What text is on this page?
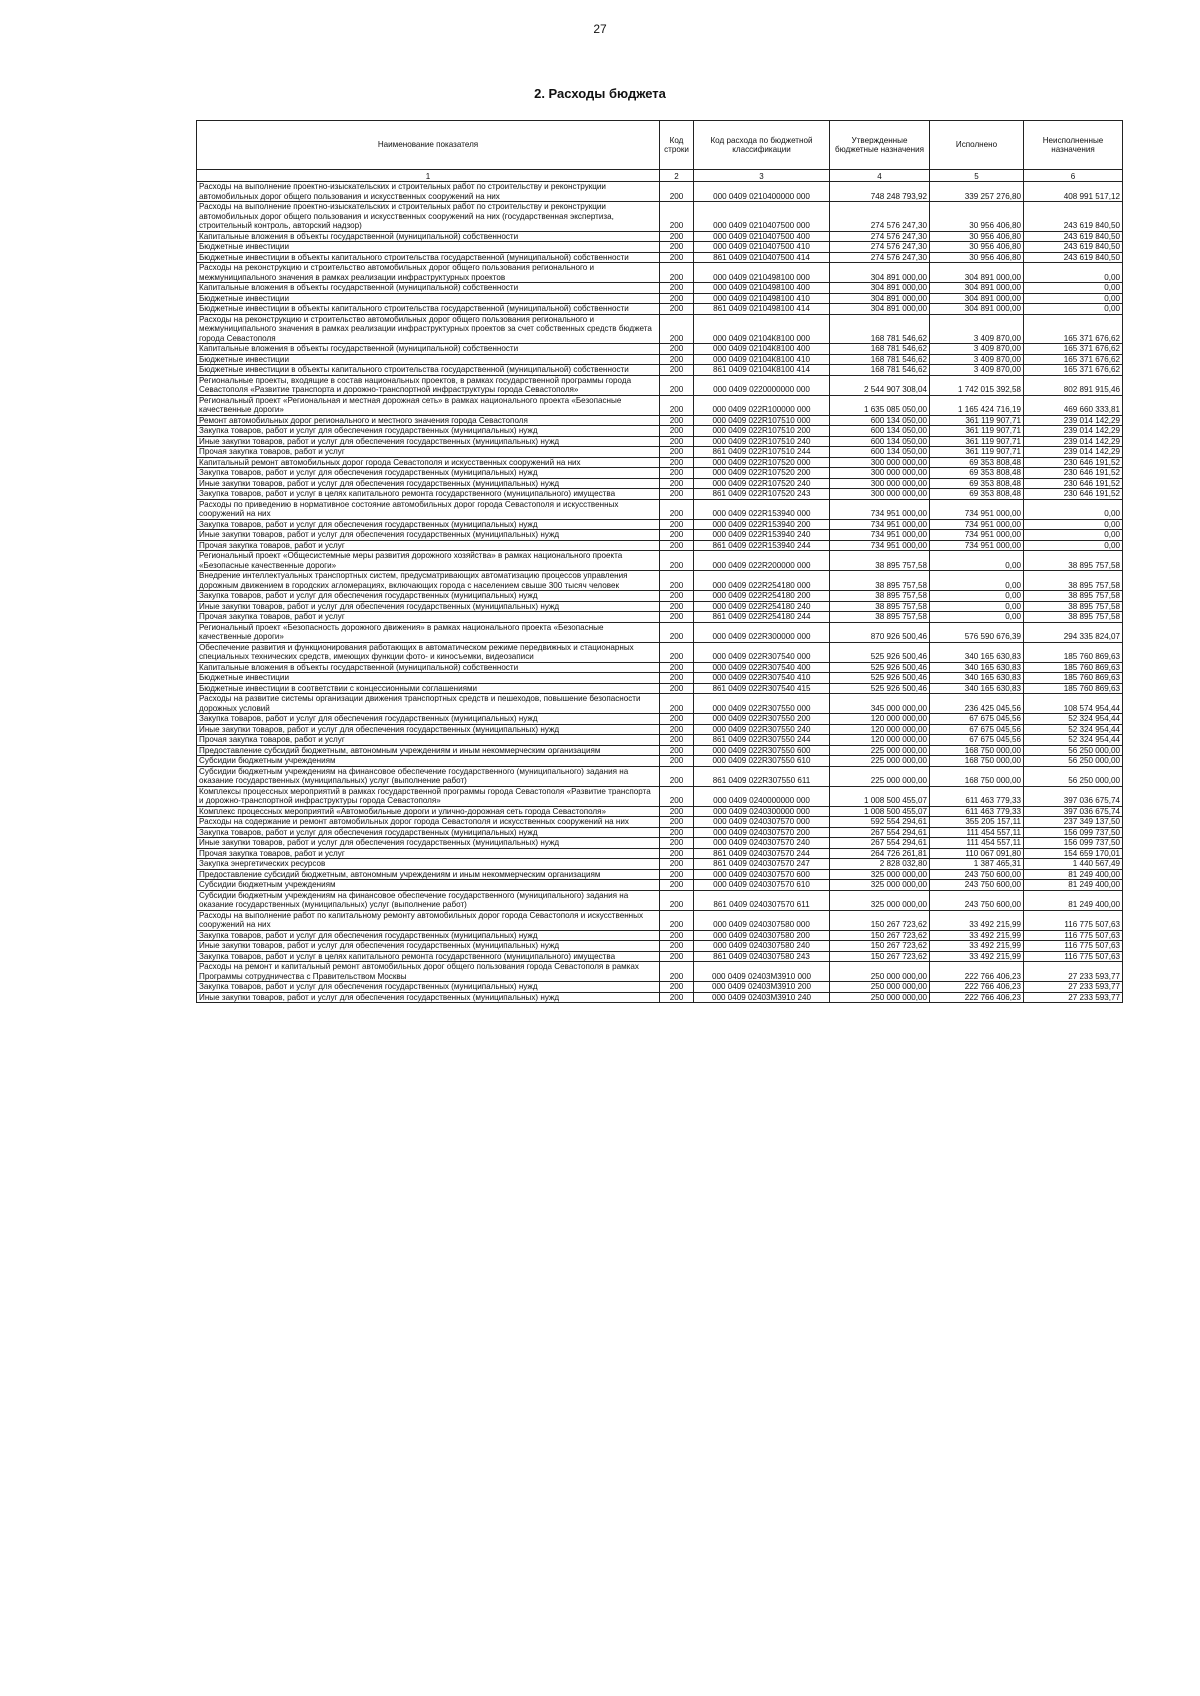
27
2. Расходы бюджета
Наименование показателя	Код строки	Код расхода по бюджетной классификации	Утвержденные бюджетные назначения	Исполнено	Неисполненные назначения
1	2	3	4	5	6
Расходы на выполнение проектно-изыскательских и строительных работ по строительству и реконструкции автомобильных дорог общего пользования и искусственных сооружений на них	200	000 0409 0210400000 000	748 248 793,92	339 257 276,80	408 991 517,12
Расходы на выполнение проектно-изыскательских и строительных работ по строительству и реконструкции автомобильных дорог общего пользования и искусственных сооружений на них (государственная экспертиза, строительный контроль, авторский надзор)	200	000 0409 0210407500 000	274 576 247,30	30 956 406,80	243 619 840,50
Капитальные вложения в объекты государственной (муниципальной) собственности	200	000 0409 0210407500 400	274 576 247,30	30 956 406,80	243 619 840,50
Бюджетные инвестиции	200	000 0409 0210407500 410	274 576 247,30	30 956 406,80	243 619 840,50
Бюджетные инвестиции в объекты капитального строительства государственной (муниципальной) собственности	200	861 0409 0210407500 414	274 576 247,30	30 956 406,80	243 619 840,50
Расходы на реконструкцию и строительство автомобильных дорог общего пользования регионального и межмуниципального значения в рамках реализации инфраструктурных проектов	200	000 0409 0210498100 000	304 891 000,00	304 891 000,00	0,00
Капитальные вложения в объекты государственной (муниципальной) собственности	200	000 0409 0210498100 400	304 891 000,00	304 891 000,00	0,00
Бюджетные инвестиции	200	000 0409 0210498100 410	304 891 000,00	304 891 000,00	0,00
Бюджетные инвестиции в объекты капитального строительства государственной (муниципальной) собственности	200	861 0409 0210498100 414	304 891 000,00	304 891 000,00	0,00
Расходы на реконструкцию и строительство автомобильных дорог общего пользования регионального и межмуниципального значения в рамках реализации инфраструктурных проектов за счет собственных средств бюджета города Севастополя	200	000 0409 02104К8100 000	168 781 546,62	3 409 870,00	165 371 676,62
Капитальные вложения в объекты государственной (муниципальной) собственности	200	000 0409 02104К8100 400	168 781 546,62	3 409 870,00	165 371 676,62
Бюджетные инвестиции	200	000 0409 02104К8100 410	168 781 546,62	3 409 870,00	165 371 676,62
Бюджетные инвестиции в объекты капитального строительства государственной (муниципальной) собственности	200	861 0409 02104К8100 414	168 781 546,62	3 409 870,00	165 371 676,62
Региональные проекты, входящие в состав национальных проектов, в рамках государственной программы города Севастополя «Развитие транспорта и дорожно-транспортной инфраструктуры города Севастополя»	200	000 0409 0220000000 000	2 544 907 308,04	1 742 015 392,58	802 891 915,46
Региональный проект «Региональная и местная дорожная сеть» в рамках национального проекта «Безопасные качественные дороги»	200	000 0409 022R100000 000	1 635 085 050,00	1 165 424 716,19	469 660 333,81
Ремонт автомобильных дорог регионального и местного значения города Севастополя	200	000 0409 022R107510 000	600 134 050,00	361 119 907,71	239 014 142,29
Закупка товаров, работ и услуг для обеспечения государственных (муниципальных) нужд	200	000 0409 022R107510 200	600 134 050,00	361 119 907,71	239 014 142,29
Иные закупки товаров, работ и услуг для обеспечения государственных (муниципальных) нужд	200	000 0409 022R107510 240	600 134 050,00	361 119 907,71	239 014 142,29
Прочая закупка товаров, работ и услуг	200	861 0409 022R107510 244	600 134 050,00	361 119 907,71	239 014 142,29
Капитальный ремонт автомобильных дорог города Севастополя и искусственных сооружений на них	200	000 0409 022R107520 000	300 000 000,00	69 353 808,48	230 646 191,52
Закупка товаров, работ и услуг для обеспечения государственных (муниципальных) нужд	200	000 0409 022R107520 200	300 000 000,00	69 353 808,48	230 646 191,52
Иные закупки товаров, работ и услуг для обеспечения государственных (муниципальных) нужд	200	000 0409 022R107520 240	300 000 000,00	69 353 808,48	230 646 191,52
Закупка товаров, работ и услуг в целях капитального ремонта государственного (муниципального) имущества	200	861 0409 022R107520 243	300 000 000,00	69 353 808,48	230 646 191,52
Расходы по приведению в нормативное состояние автомобильных дорог города Севастополя и искусственных сооружений на них	200	000 0409 022R153940 000	734 951 000,00	734 951 000,00	0,00
Закупка товаров, работ и услуг для обеспечения государственных (муниципальных) нужд	200	000 0409 022R153940 200	734 951 000,00	734 951 000,00	0,00
Иные закупки товаров, работ и услуг для обеспечения государственных (муниципальных) нужд	200	000 0409 022R153940 240	734 951 000,00	734 951 000,00	0,00
Прочая закупка товаров, работ и услуг	200	861 0409 022R153940 244	734 951 000,00	734 951 000,00	0,00
Региональный проект «Общесистемные меры развития дорожного хозяйства» в рамках национального проекта «Безопасные качественные дороги»	200	000 0409 022R200000 000	38 895 757,58	0,00	38 895 757,58
Внедрение интеллектуальных транспортных систем, предусматривающих автоматизацию процессов управления дорожным движением в городских агломерациях, включающих города с населением свыше 300 тысяч человек	200	000 0409 022R254180 000	38 895 757,58	0,00	38 895 757,58
Закупка товаров, работ и услуг для обеспечения государственных (муниципальных) нужд	200	000 0409 022R254180 200	38 895 757,58	0,00	38 895 757,58
Иные закупки товаров, работ и услуг для обеспечения государственных (муниципальных) нужд	200	000 0409 022R254180 240	38 895 757,58	0,00	38 895 757,58
Прочая закупка товаров, работ и услуг	200	861 0409 022R254180 244	38 895 757,58	0,00	38 895 757,58
Региональный проект «Безопасность дорожного движения» в рамках национального проекта «Безопасные качественные дороги»	200	000 0409 022R300000 000	870 926 500,46	576 590 676,39	294 335 824,07
Обеспечение развития и функционирования работающих в автоматическом режиме передвижных и стационарных специальных технических средств, имеющих функции фото- и киносъемки, видеозаписи	200	000 0409 022R307540 000	525 926 500,46	340 165 630,83	185 760 869,63
Капитальные вложения в объекты государственной (муниципальной) собственности	200	000 0409 022R307540 400	525 926 500,46	340 165 630,83	185 760 869,63
Бюджетные инвестиции	200	000 0409 022R307540 410	525 926 500,46	340 165 630,83	185 760 869,63
Бюджетные инвестиции в соответствии с концессионными соглашениями	200	861 0409 022R307540 415	525 926 500,46	340 165 630,83	185 760 869,63
Расходы на развитие системы организации движения транспортных средств и пешеходов, повышение безопасности дорожных условий	200	000 0409 022R307550 000	345 000 000,00	236 425 045,56	108 574 954,44
Закупка товаров, работ и услуг для обеспечения государственных (муниципальных) нужд	200	000 0409 022R307550 200	120 000 000,00	67 675 045,56	52 324 954,44
Иные закупки товаров, работ и услуг для обеспечения государственных (муниципальных) нужд	200	000 0409 022R307550 240	120 000 000,00	67 675 045,56	52 324 954,44
Прочая закупка товаров, работ и услуг	200	861 0409 022R307550 244	120 000 000,00	67 675 045,56	52 324 954,44
Предоставление субсидий бюджетным, автономным учреждениям и иным некоммерческим организациям	200	000 0409 022R307550 600	225 000 000,00	168 750 000,00	56 250 000,00
Субсидии бюджетным учреждениям	200	000 0409 022R307550 610	225 000 000,00	168 750 000,00	56 250 000,00
Субсидии бюджетным учреждениям на финансовое обеспечение государственного (муниципального) задания на оказание государственных (муниципальных) услуг (выполнение работ)	200	861 0409 022R307550 611	225 000 000,00	168 750 000,00	56 250 000,00
Комплексы процессных мероприятий в рамках государственной программы города Севастополя «Развитие транспорта и дорожно-транспортной инфраструктуры города Севастополя»	200	000 0409 0240000000 000	1 008 500 455,07	611 463 779,33	397 036 675,74
Комплекс процессных мероприятий «Автомобильные дороги и улично-дорожная сеть города Севастополя»	200	000 0409 0240300000 000	1 008 500 455,07	611 463 779,33	397 036 675,74
Расходы на содержание и ремонт автомобильных дорог города Севастополя и искусственных сооружений на них	200	000 0409 0240307570 000	592 554 294,61	355 205 157,11	237 349 137,50
Закупка товаров, работ и услуг для обеспечения государственных (муниципальных) нужд	200	000 0409 0240307570 200	267 554 294,61	111 454 557,11	156 099 737,50
Иные закупки товаров, работ и услуг для обеспечения государственных (муниципальных) нужд	200	000 0409 0240307570 240	267 554 294,61	111 454 557,11	156 099 737,50
Прочая закупка товаров, работ и услуг	200	861 0409 0240307570 244	264 726 261,81	110 067 091,80	154 659 170,01
Закупка энергетических ресурсов	200	861 0409 0240307570 247	2 828 032,80	1 387 465,31	1 440 567,49
Предоставление субсидий бюджетным, автономным учреждениям и иным некоммерческим организациям	200	000 0409 0240307570 600	325 000 000,00	243 750 600,00	81 249 400,00
Субсидии бюджетным учреждениям	200	000 0409 0240307570 610	325 000 000,00	243 750 600,00	81 249 400,00
Субсидии бюджетным учреждениям на финансовое обеспечение государственного (муниципального) задания на оказание государственных (муниципальных) услуг (выполнение работ)	200	861 0409 0240307570 611	325 000 000,00	243 750 600,00	81 249 400,00
Расходы на выполнение работ по капитальному ремонту автомобильных дорог города Севастополя и искусственных сооружений на них	200	000 0409 0240307580 000	150 267 723,62	33 492 215,99	116 775 507,63
Закупка товаров, работ и услуг для обеспечения государственных (муниципальных) нужд	200	000 0409 0240307580 200	150 267 723,62	33 492 215,99	116 775 507,63
Иные закупки товаров, работ и услуг для обеспечения государственных (муниципальных) нужд	200	000 0409 0240307580 240	150 267 723,62	33 492 215,99	116 775 507,63
Закупка товаров, работ и услуг в целях капитального ремонта государственного (муниципального) имущества	200	861 0409 0240307580 243	150 267 723,62	33 492 215,99	116 775 507,63
Расходы на ремонт и капитальный ремонт автомобильных дорог общего пользования города Севастополя в рамках Программы сотрудничества с Правительством Москвы	200	000 0409 02403М3910 000	250 000 000,00	222 766 406,23	27 233 593,77
Закупка товаров, работ и услуг для обеспечения государственных (муниципальных) нужд	200	000 0409 02403М3910 200	250 000 000,00	222 766 406,23	27 233 593,77
Иные закупки товаров, работ и услуг для обеспечения государственных (муниципальных) нужд	200	000 0409 02403М3910 240	250 000 000,00	222 766 406,23	27 233 593,77
